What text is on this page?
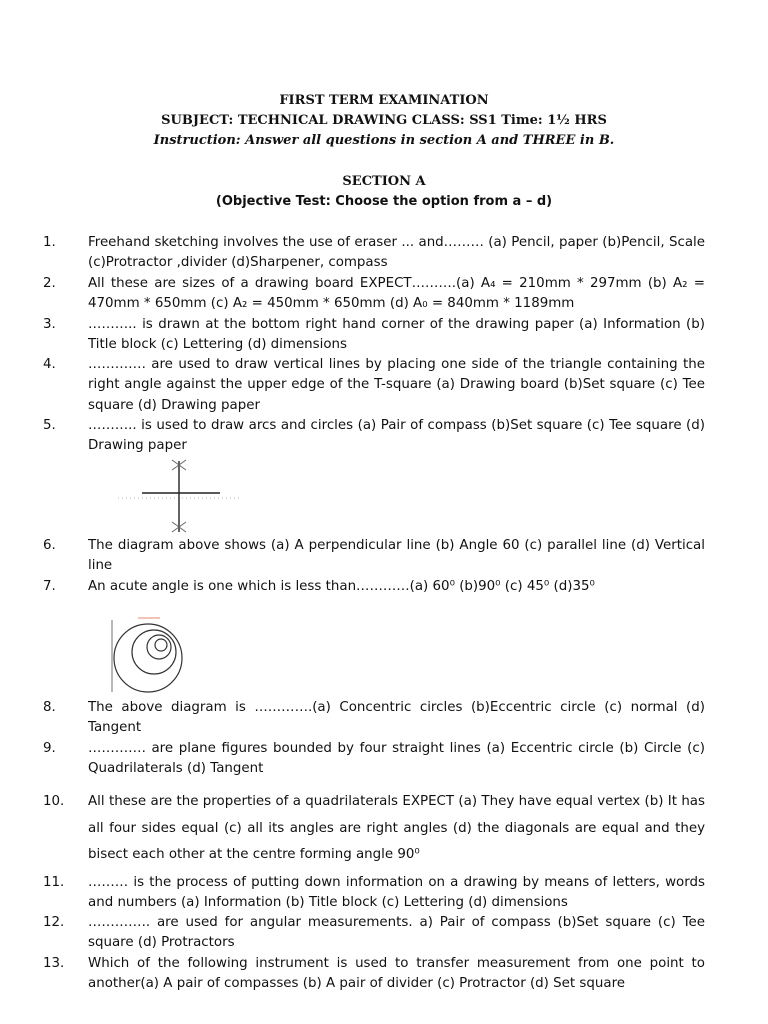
FIRST TERM EXAMINATION
SUBJECT: TECHNICAL DRAWING CLASS: SS1 Time: 1½ HRS
Instruction: Answer all questions in section A and THREE in B.
SECTION A
(Objective Test: Choose the option from a – d)
1. Freehand sketching involves the use of eraser ... and……… (a) Pencil, paper (b)Pencil, Scale (c)Protractor ,divider (d)Sharpener, compass
2. All these are sizes of a drawing board EXPECT……….(a) A₄ = 210mm * 297mm (b) A₂ = 470mm * 650mm (c) A₂ = 450mm * 650mm (d) A₀ = 840mm * 1189mm
3. ……….. is drawn at the bottom right hand corner of the drawing paper (a) Information (b) Title block (c) Lettering (d) dimensions
4. …………. are used to draw vertical lines by placing one side of the triangle containing the right angle against the upper edge of the T-square (a) Drawing board (b)Set square (c) Tee square (d) Drawing paper
5. ……….. is used to draw arcs and circles (a) Pair of compass (b)Set square (c) Tee square (d) Drawing paper
6. The diagram above shows (a) A perpendicular line (b) Angle 60 (c) parallel line (d) Vertical line
7. An acute angle is one which is less than…………(a) 60⁰ (b)90⁰ (c) 45⁰ (d)35⁰
8. The above diagram is ………….(a) Concentric circles (b)Eccentric circle (c) normal (d) Tangent
9. …………. are plane figures bounded by four straight lines (a) Eccentric circle (b) Circle (c) Quadrilaterals (d) Tangent
10. All these are the properties of a quadrilaterals EXPECT (a) They have equal vertex (b) It has all four sides equal (c) all its angles are right angles (d) the diagonals are equal and they bisect each other at the centre forming angle 90⁰
11. ……… is the process of putting down information on a drawing by means of letters, words and numbers (a) Information (b) Title block (c) Lettering (d) dimensions
12. ………….. are used for angular measurements. a) Pair of compass (b)Set square (c) Tee square (d) Protractors
13. Which of the following instrument is used to transfer measurement from one point to another(a) A pair of compasses (b) A pair of divider (c) Protractor (d) Set square
